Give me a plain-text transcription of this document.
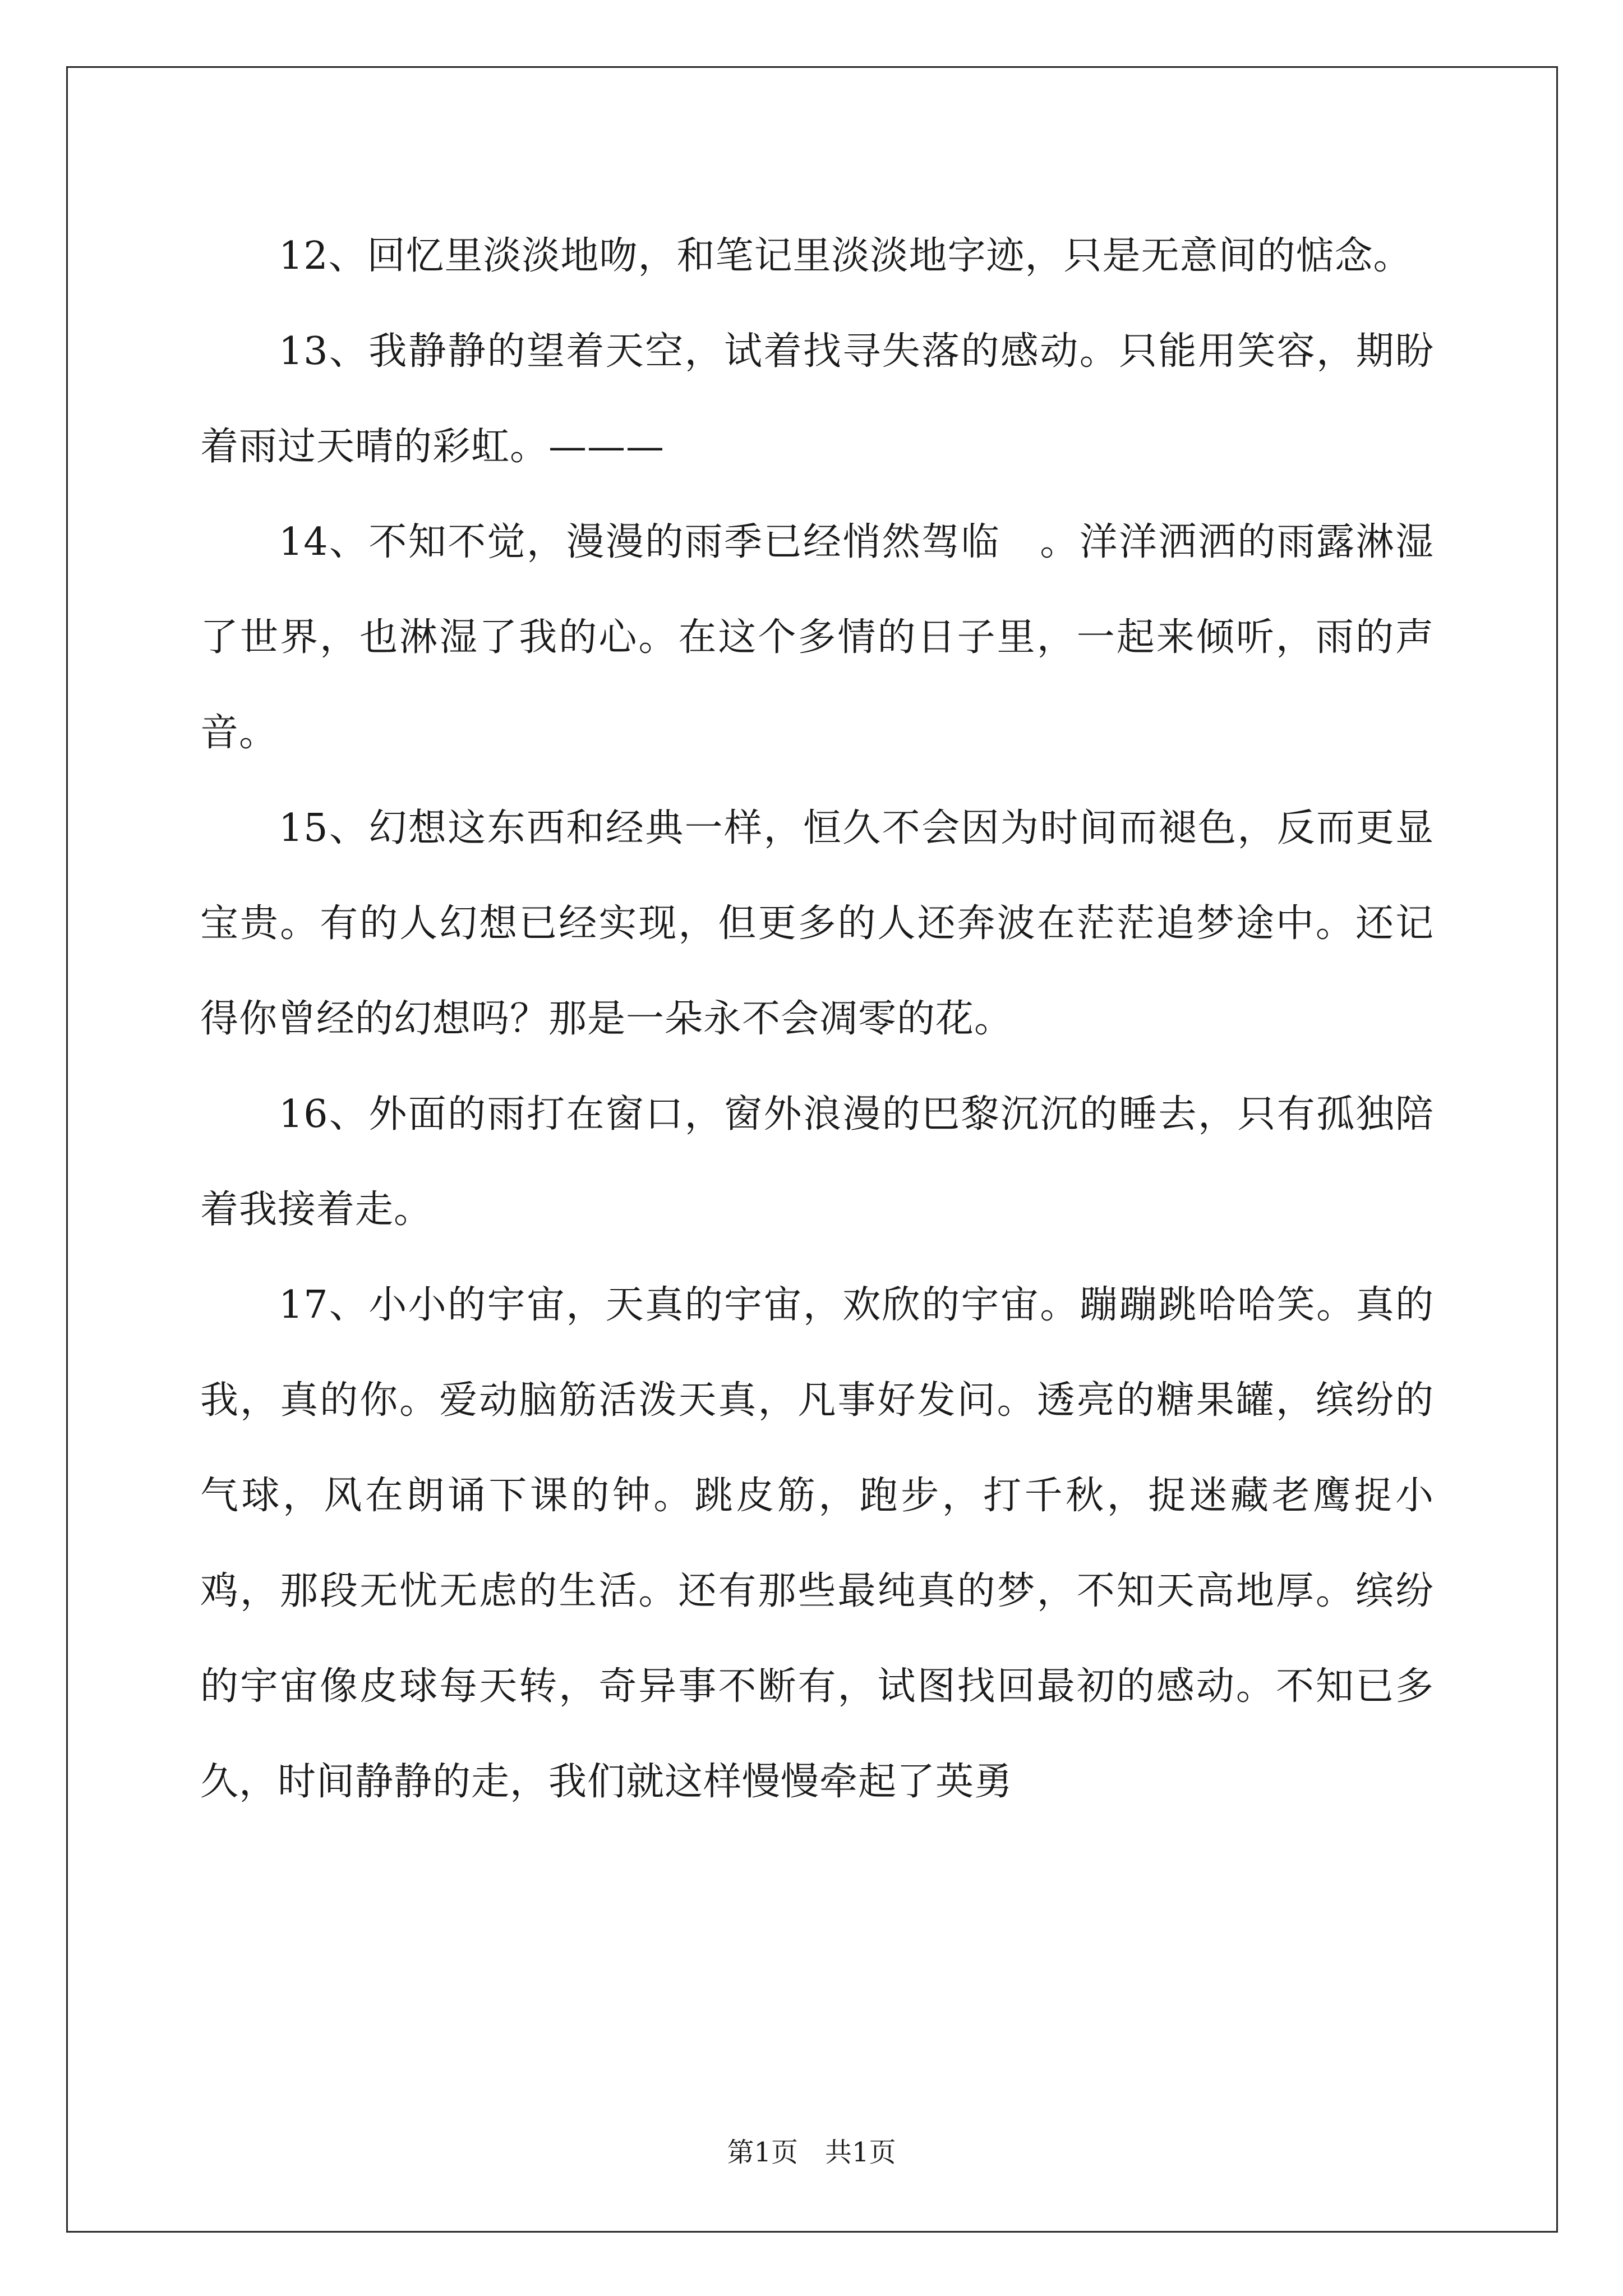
12、回忆里淡淡地吻，和笔记里淡淡地字迹，只是无意间的惦念。

13、我静静的望着天空，试着找寻失落的感动。只能用笑容，期盼着雨过天晴的彩虹。———

14、不知不觉，漫漫的雨季已经悄然驾临　。洋洋洒洒的雨露淋湿了世界，也淋湿了我的心。在这个多情的日子里，一起来倾听，雨的声音。

15、幻想这东西和经典一样，恒久不会因为时间而褪色，反而更显宝贵。有的人幻想已经实现，但更多的人还奔波在茫茫追梦途中。还记得你曾经的幻想吗？那是一朵永不会凋零的花。

16、外面的雨打在窗口，窗外浪漫的巴黎沉沉的睡去，只有孤独陪着我接着走。

17、小小的宇宙，天真的宇宙，欢欣的宇宙。蹦蹦跳哈哈笑。真的我，真的你。爱动脑筋活泼天真，凡事好发问。透亮的糖果罐，缤纷的气球，风在朗诵下课的钟。跳皮筋，跑步，打千秋，捉迷藏老鹰捉小鸡，那段无忧无虑的生活。还有那些最纯真的梦，不知天高地厚。缤纷的宇宙像皮球每天转，奇异事不断有，试图找回最初的感动。不知已多久，时间静静的走，我们就这样慢慢牵起了英勇

第1页　共1页
